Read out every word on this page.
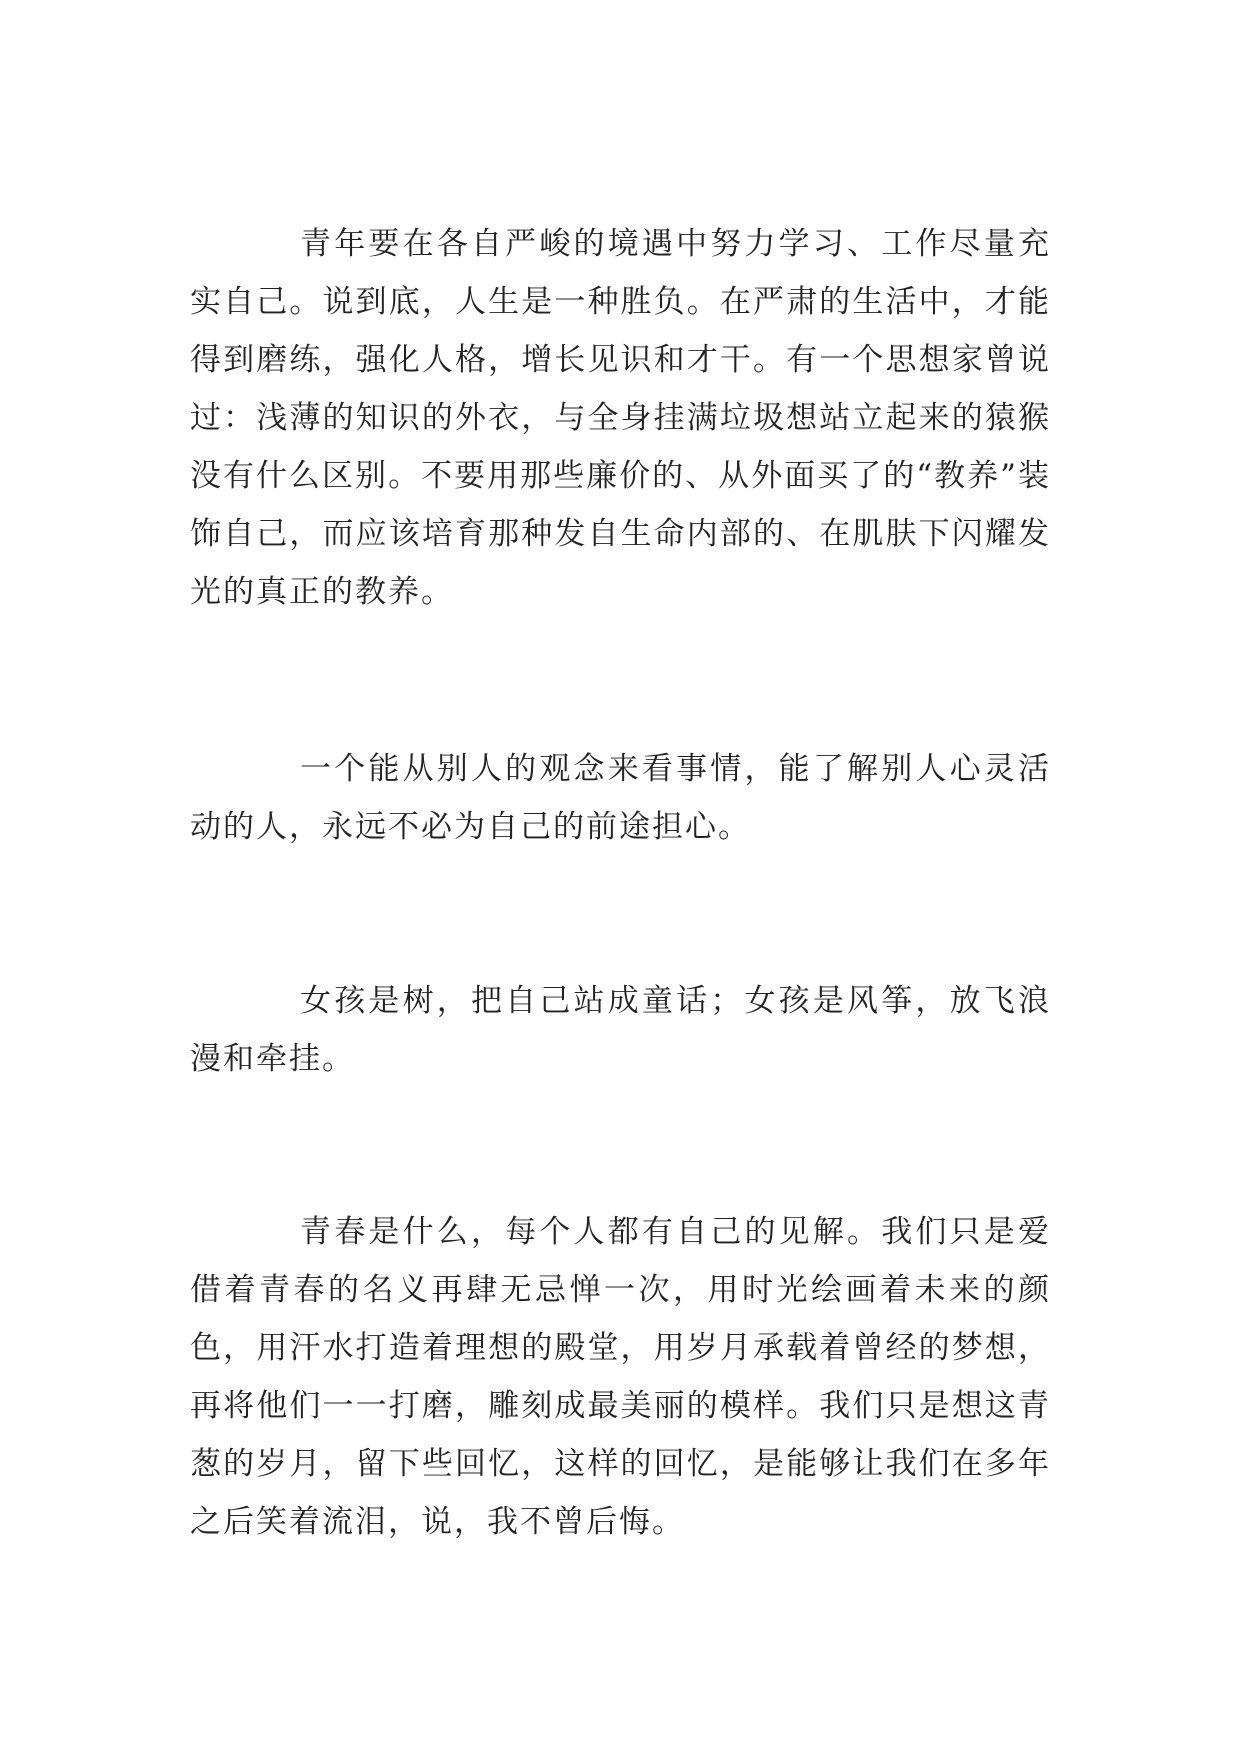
青年要在各自严峻的境遇中努力学习、工作尽量充实自己。说到底，人生是一种胜负。在严肃的生活中，才能得到磨练，强化人格，增长见识和才干。有一个思想家曾说过：浅薄的知识的外衣，与全身挂满垃圾想站立起来的猿猴没有什么区别。不要用那些廉价的、从外面买了的“教养”装饰自己，而应该培育那种发自生命内部的、在肌肤下闪耀发光的真正的教养。

一个能从别人的观念来看事情，能了解别人心灵活动的人，永远不必为自己的前途担心。

女孩是树，把自己站成童话；女孩是风筝，放飞浪漫和牵挂。

青春是什么，每个人都有自己的见解。我们只是爱借着青春的名义再肆无忌惮一次，用时光绘画着未来的颜色，用汗水打造着理想的殿堂，用岁月承载着曾经的梦想，再将他们一一打磨，雕刻成最美丽的模样。我们只是想这青葱的岁月，留下些回忆，这样的回忆，是能够让我们在多年之后笑着流泪，说，我不曾后悔。
